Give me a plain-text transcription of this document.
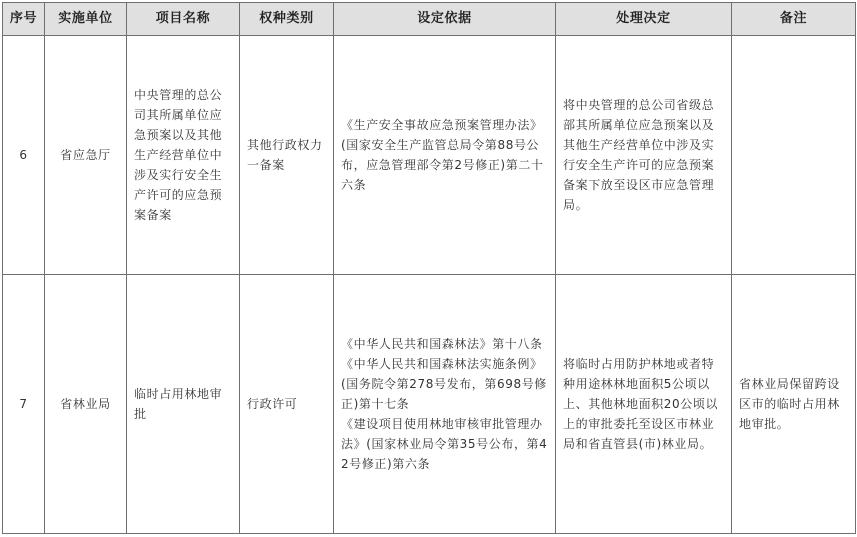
序号	实施单位	项目名称	权种类别	设定依据	处理决定	备注
6	省应急厅	中央管理的总公司其所属单位应急预案以及其他生产经营单位中涉及实行安全生产许可的应急预案备案	其他行政权力一备案	《生产安全事故应急预案管理办法》(国家安全生产监管总局令第88号公布，应急管理部令第2号修正)第二十六条	将中央管理的总公司省级总部其所属单位应急预案以及其他生产经营单位中涉及实行安全生产许可的应急预案备案下放至设区市应急管理局。	
7	省林业局	临时占用林地审批	行政许可	《中华人民共和国森林法》第十八条
《中华人民共和国森林法实施条例》(国务院令第278号发布，第698号修正)第十七条
《建设项目使用林地审核审批管理办法》(国家林业局令第35号公布，第42号修正)第六条	将临时占用防护林地或者特种用途林林地面积5公顷以上、其他林地面积20公顷以上的审批委托至设区市林业局和省直管县(市)林业局。	省林业局保留跨设区市的临时占用林地审批。
